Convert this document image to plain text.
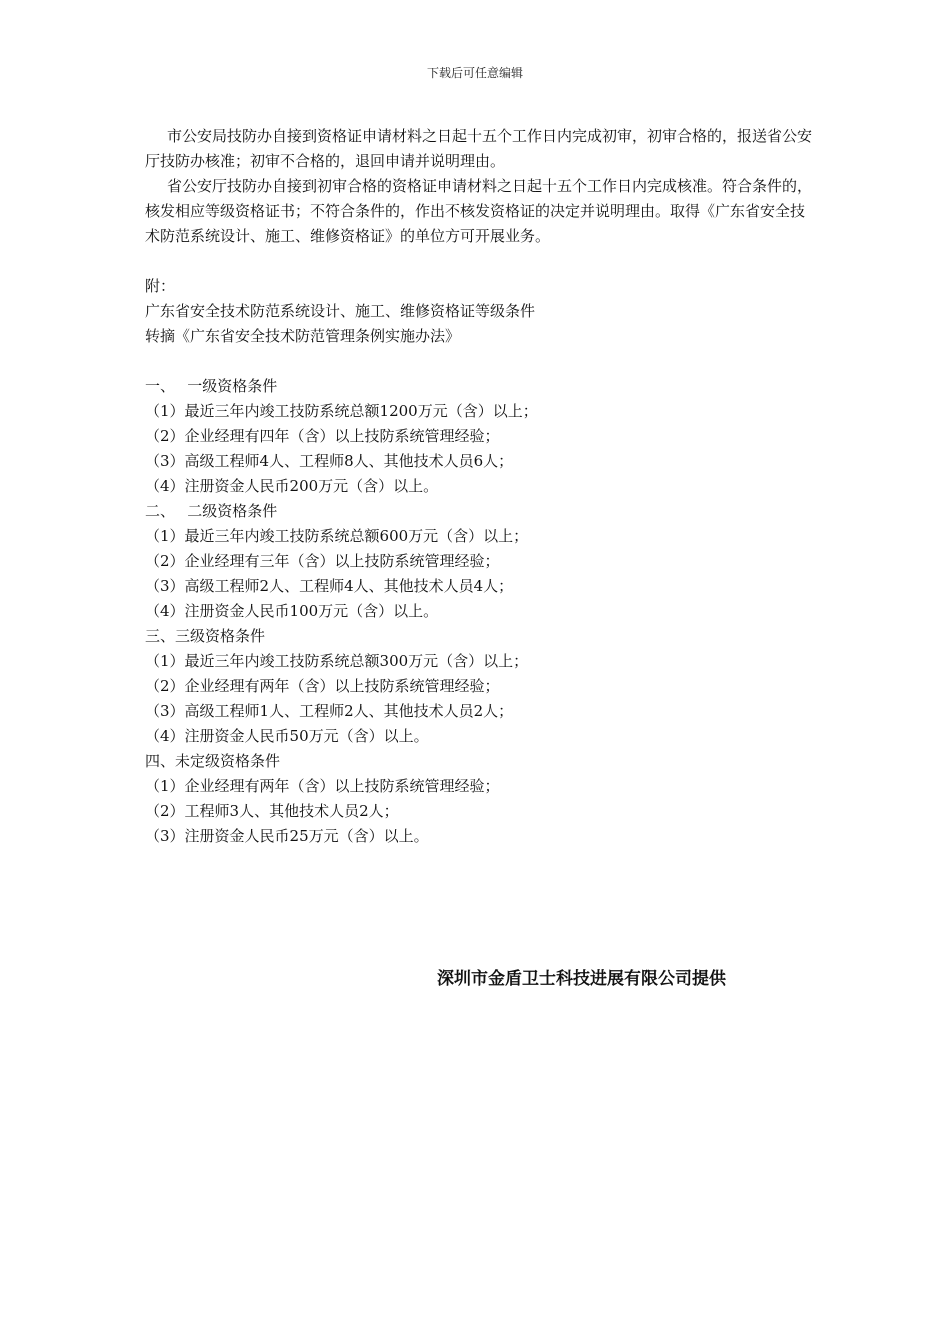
下载后可任意编辑

市公安局技防办自接到资格证申请材料之日起十五个工作日内完成初审，初审合格的，报送省公安厅技防办核准；初审不合格的，退回申请并说明理由。

省公安厅技防办自接到初审合格的资格证申请材料之日起十五个工作日内完成核准。符合条件的，核发相应等级资格证书；不符合条件的，作出不核发资格证的决定并说明理由。取得《广东省安全技术防范系统设计、施工、维修资格证》的单位方可开展业务。

附：

广东省安全技术防范系统设计、施工、维修资格证等级条件

转摘《广东省安全技术防范管理条例实施办法》

一、　 一级资格条件

（1）最近三年内竣工技防系统总额1200万元（含）以上；

（2）企业经理有四年（含）以上技防系统管理经验；

（3）高级工程师4人、工程师8人、其他技术人员6人；

（4）注册资金人民币200万元（含）以上。

二、　 二级资格条件

（1）最近三年内竣工技防系统总额600万元（含）以上；

（2）企业经理有三年（含）以上技防系统管理经验；

（3）高级工程师2人、工程师4人、其他技术人员4人；

（4）注册资金人民币100万元（含）以上。

三、三级资格条件

（1）最近三年内竣工技防系统总额300万元（含）以上；

（2）企业经理有两年（含）以上技防系统管理经验；

（3）高级工程师1人、工程师2人、其他技术人员2人；

（4）注册资金人民币50万元（含）以上。

四、未定级资格条件

（1）企业经理有两年（含）以上技防系统管理经验；

（2）工程师3人、其他技术人员2人；

（3）注册资金人民币25万元（含）以上。

深圳市金盾卫士科技进展有限公司提供
